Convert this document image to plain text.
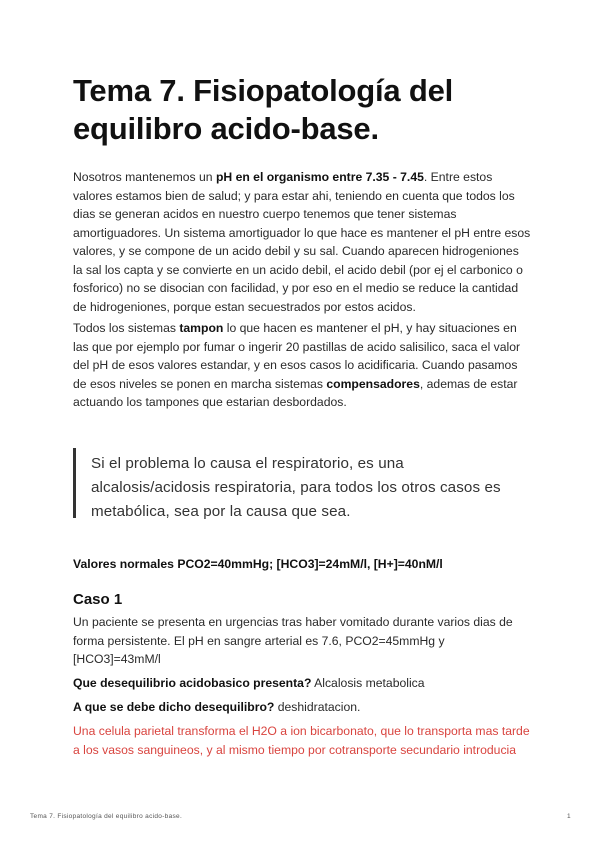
Tema 7. Fisiopatología del equilibro acido-base.

Nosotros mantenemos un pH en el organismo entre 7.35 - 7.45. Entre estos valores estamos bien de salud; y para estar ahi, teniendo en cuenta que todos los dias se generan acidos en nuestro cuerpo tenemos que tener sistemas amortiguadores. Un sistema amortiguador lo que hace es mantener el pH entre esos valores, y se compone de un acido debil y su sal. Cuando aparecen hidrogeniones la sal los capta y se convierte en un acido debil, el acido debil (por ej el carbonico o fosforico) no se disocian con facilidad, y por eso en el medio se reduce la cantidad de hidrogeniones, porque estan secuestrados por estos acidos.

Todos los sistemas tampon lo que hacen es mantener el pH, y hay situaciones en las que por ejemplo por fumar o ingerir 20 pastillas de acido salisilico, saca el valor del pH de esos valores estandar, y en esos casos lo acidificaria. Cuando pasamos de esos niveles se ponen en marcha sistemas compensadores, ademas de estar actuando los tampones que estarian desbordados.

Si el problema lo causa el respiratorio, es una alcalosis/acidosis respiratoria, para todos los otros casos es metabólica, sea por la causa que sea.

Valores normales PCO2=40mmHg; [HCO3]=24mM/l, [H+]=40nM/l

Caso 1

Un paciente se presenta en urgencias tras haber vomitado durante varios dias de forma persistente. El pH en sangre arterial es 7.6, PCO2=45mmHg y [HCO3]=43mM/l

Que desequilibrio acidobasico presenta? Alcalosis metabolica

A que se debe dicho desequilibro? deshidratacion.

Una celula parietal transforma el H2O a ion bicarbonato, que lo transporta mas tarde a los vasos sanguineos, y al mismo tiempo por cotransporte secundario introducia

Tema 7. Fisiopatología del equilibro acido-base.	1
